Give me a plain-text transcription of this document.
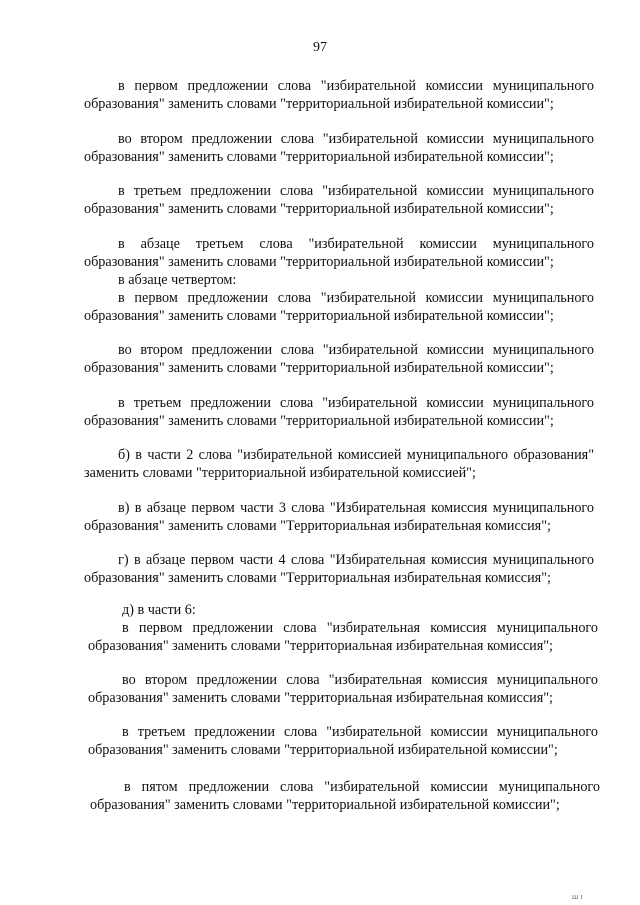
97

в первом предложении слова "избирательной комиссии муниципального образования" заменить словами "территориальной избирательной комиссии";

во втором предложении слова "избирательной комиссии муниципального образования" заменить словами "территориальной избирательной комиссии";

в третьем предложении слова "избирательной комиссии муниципального образования" заменить словами "территориальной избирательной комиссии";

в абзаце третьем слова "избирательной комиссии муниципального образования" заменить словами "территориальной избирательной комиссии";

в абзаце четвертом:

в первом предложении слова "избирательной комиссии муниципального образования" заменить словами "территориальной избирательной комиссии";

во втором предложении слова "избирательной комиссии муниципального образования" заменить словами "территориальной избирательной комиссии";

в третьем предложении слова "избирательной комиссии муниципального образования" заменить словами "территориальной избирательной комиссии";

б) в части 2 слова "избирательной комиссией муниципального образования" заменить словами "территориальной избирательной комиссией";

в) в абзаце первом части 3 слова "Избирательная комиссия муниципального образования" заменить словами "Территориальная избирательная комиссия";

г) в абзаце первом части 4 слова "Избирательная комиссия муниципального образования" заменить словами "Территориальная избирательная комиссия";

д) в части 6:

в первом предложении слова "избирательная комиссия муниципального образования" заменить словами "территориальная избирательная комиссия";

во втором предложении слова "избирательная комиссия муниципального образования" заменить словами "территориальная избирательная комиссия";

в третьем предложении слова "избирательной комиссии муниципального образования" заменить словами "территориальной избирательной комиссии";

в пятом предложении слова "избирательной комиссии муниципального образования" заменить словами "территориальной избирательной комиссии";

ш ı
